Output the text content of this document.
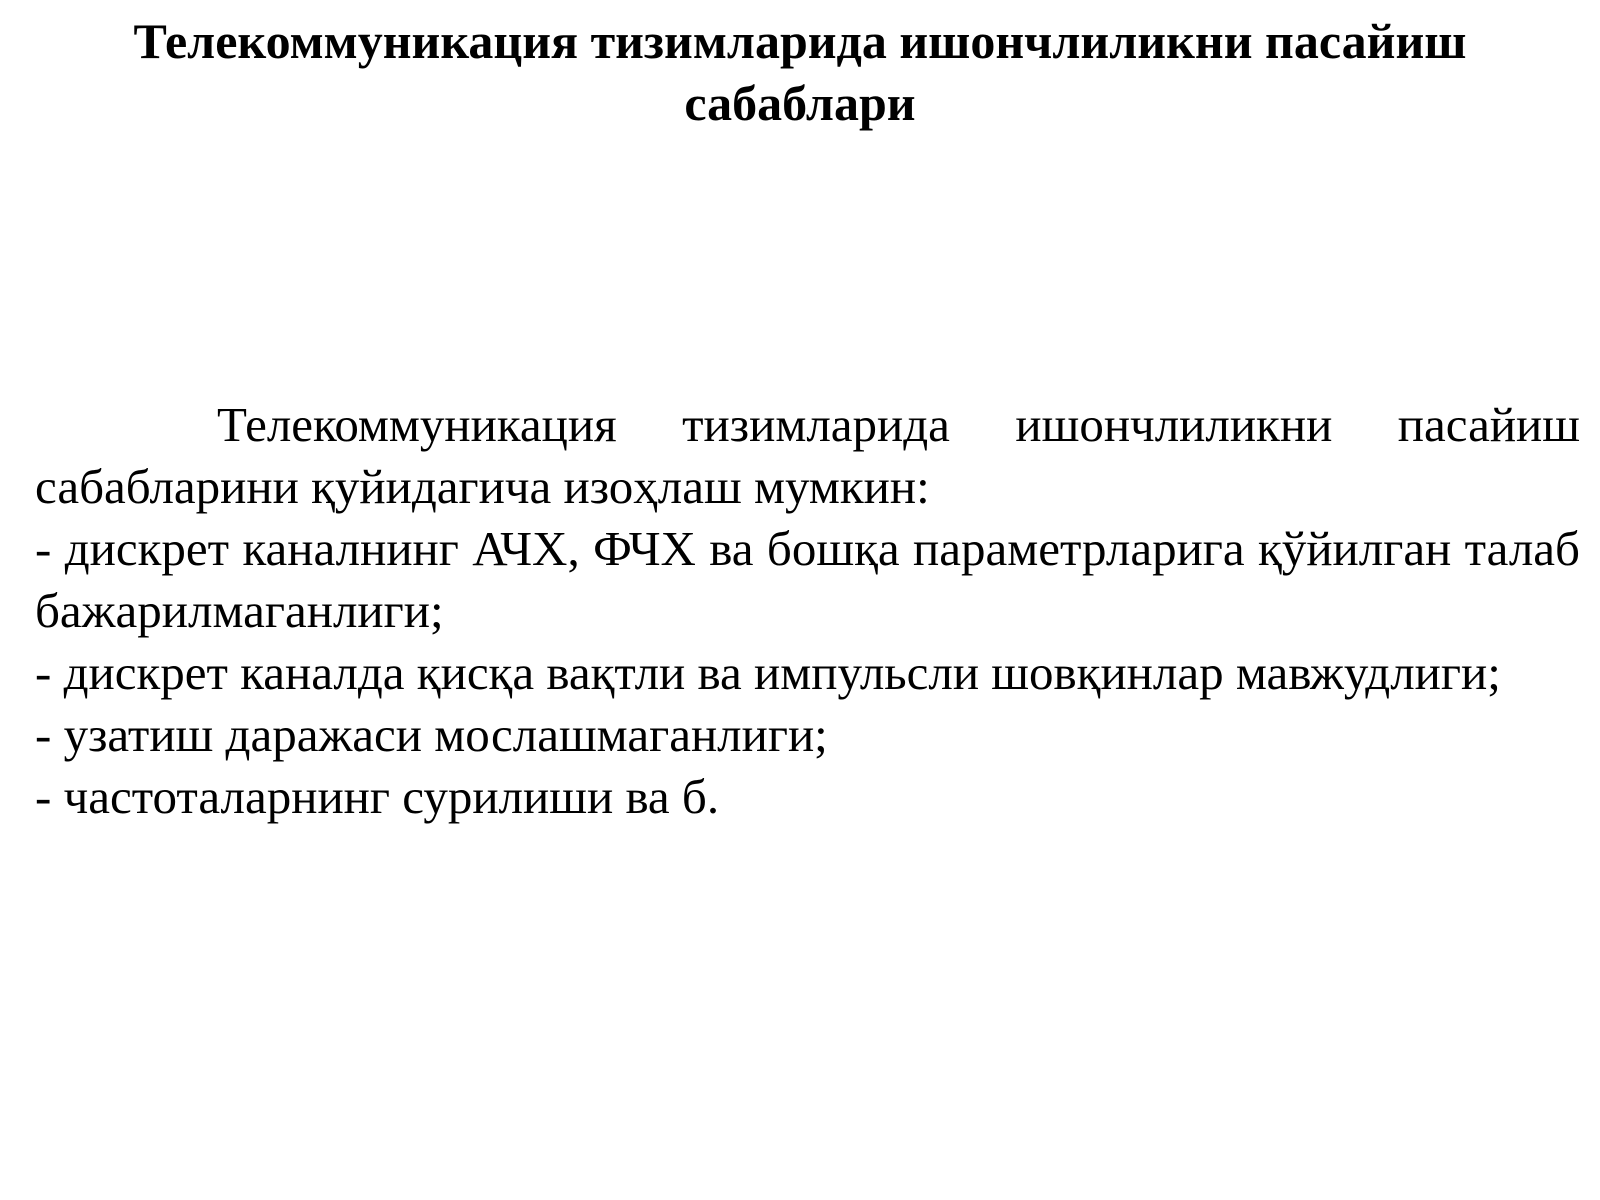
Телекоммуникация тизимларида ишончлиликни пасайиш сабаблари

Телекоммуникация тизимларида ишончлиликни пасайиш сабабларини қуйидагича изоҳлаш мумкин:

- дискрет каналнинг АЧХ, ФЧХ ва бошқа параметрларига қўйилган талаб бажарилмаганлиги;

- дискрет каналда қисқа вақтли ва импульсли шовқинлар мавжудлиги;

- узатиш даражаси мослашмаганлиги;

- частоталарнинг сурилиши ва б.
